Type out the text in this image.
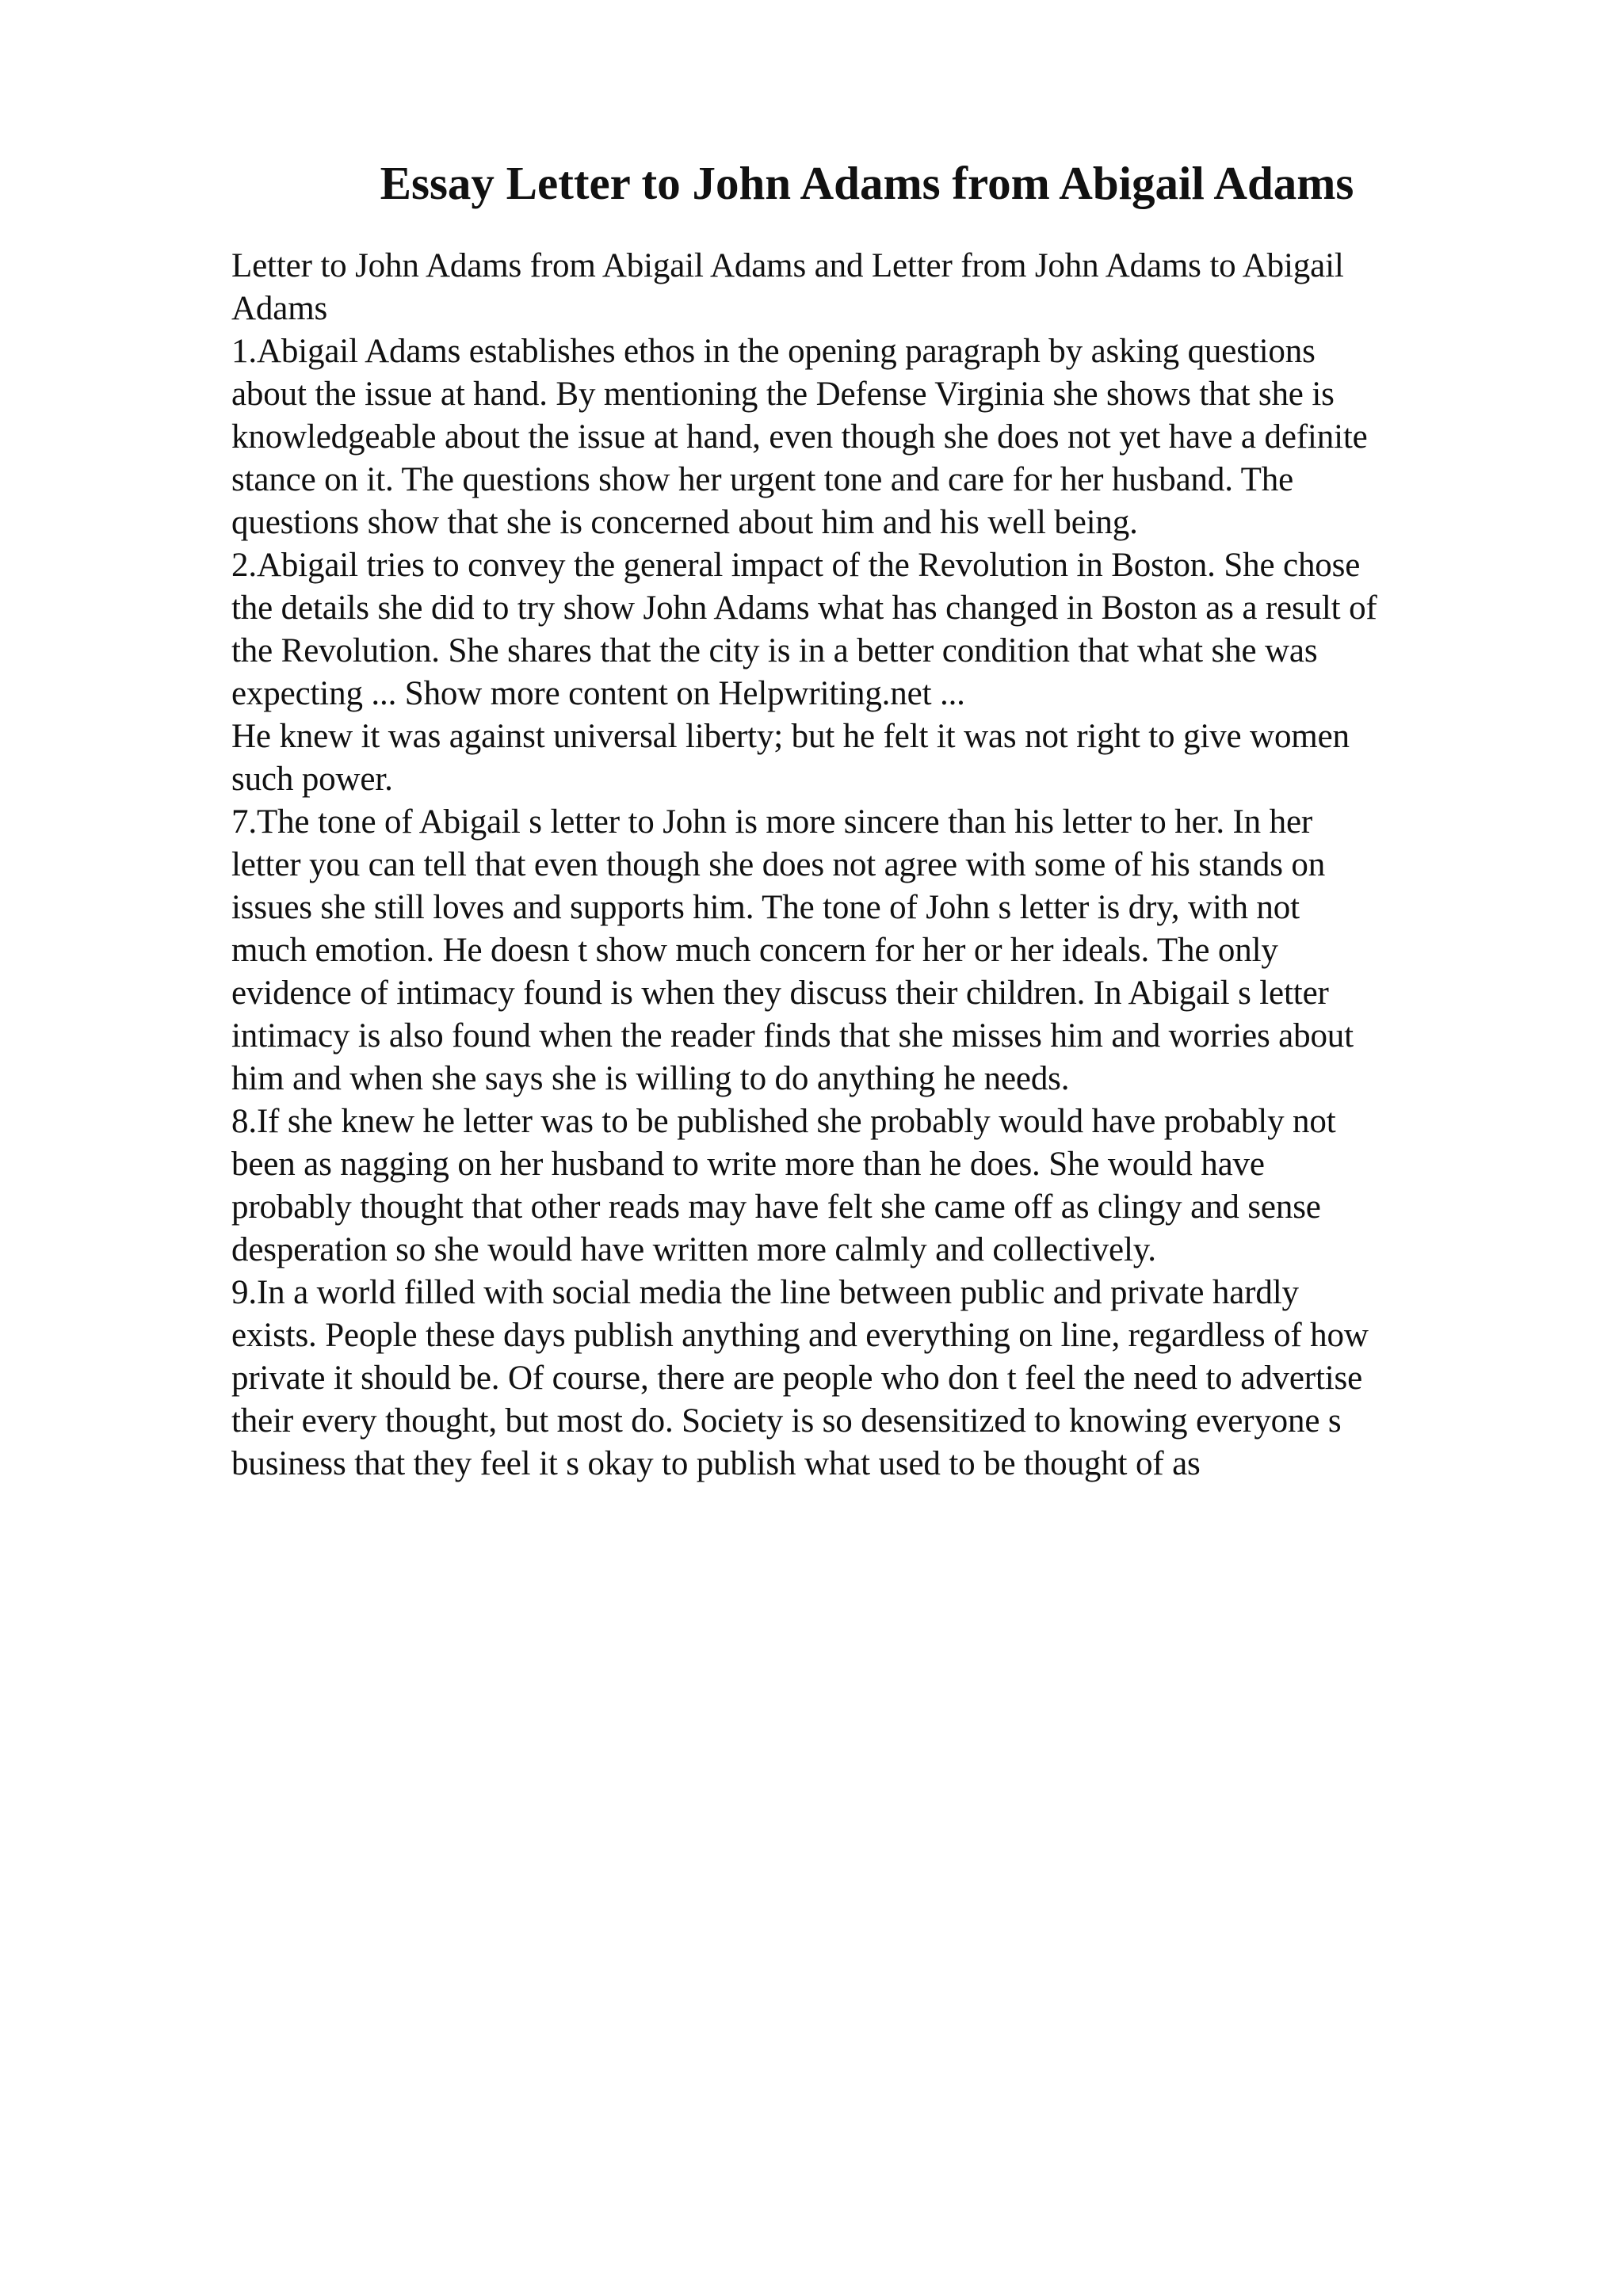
Essay Letter to John Adams from Abigail Adams
Letter to John Adams from Abigail Adams and Letter from John Adams to Abigail
Adams
1.Abigail Adams establishes ethos in the opening paragraph by asking questions
about the issue at hand. By mentioning the Defense Virginia she shows that she is
knowledgeable about the issue at hand, even though she does not yet have a definite
stance on it. The questions show her urgent tone and care for her husband. The
questions show that she is concerned about him and his well being.
2.Abigail tries to convey the general impact of the Revolution in Boston. She chose
the details she did to try show John Adams what has changed in Boston as a result of
the Revolution. She shares that the city is in a better condition that what she was
expecting ... Show more content on Helpwriting.net ...
He knew it was against universal liberty; but he felt it was not right to give women
such power.
7.The tone of Abigail s letter to John is more sincere than his letter to her. In her
letter you can tell that even though she does not agree with some of his stands on
issues she still loves and supports him. The tone of John s letter is dry, with not
much emotion. He doesn t show much concern for her or her ideals. The only
evidence of intimacy found is when they discuss their children. In Abigail s letter
intimacy is also found when the reader finds that she misses him and worries about
him and when she says she is willing to do anything he needs.
8.If she knew he letter was to be published she probably would have probably not
been as nagging on her husband to write more than he does. She would have
probably thought that other reads may have felt she came off as clingy and sense
desperation so she would have written more calmly and collectively.
9.In a world filled with social media the line between public and private hardly
exists. People these days publish anything and everything on line, regardless of how
private it should be. Of course, there are people who don t feel the need to advertise
their every thought, but most do. Society is so desensitized to knowing everyone s
business that they feel it s okay to publish what used to be thought of as
